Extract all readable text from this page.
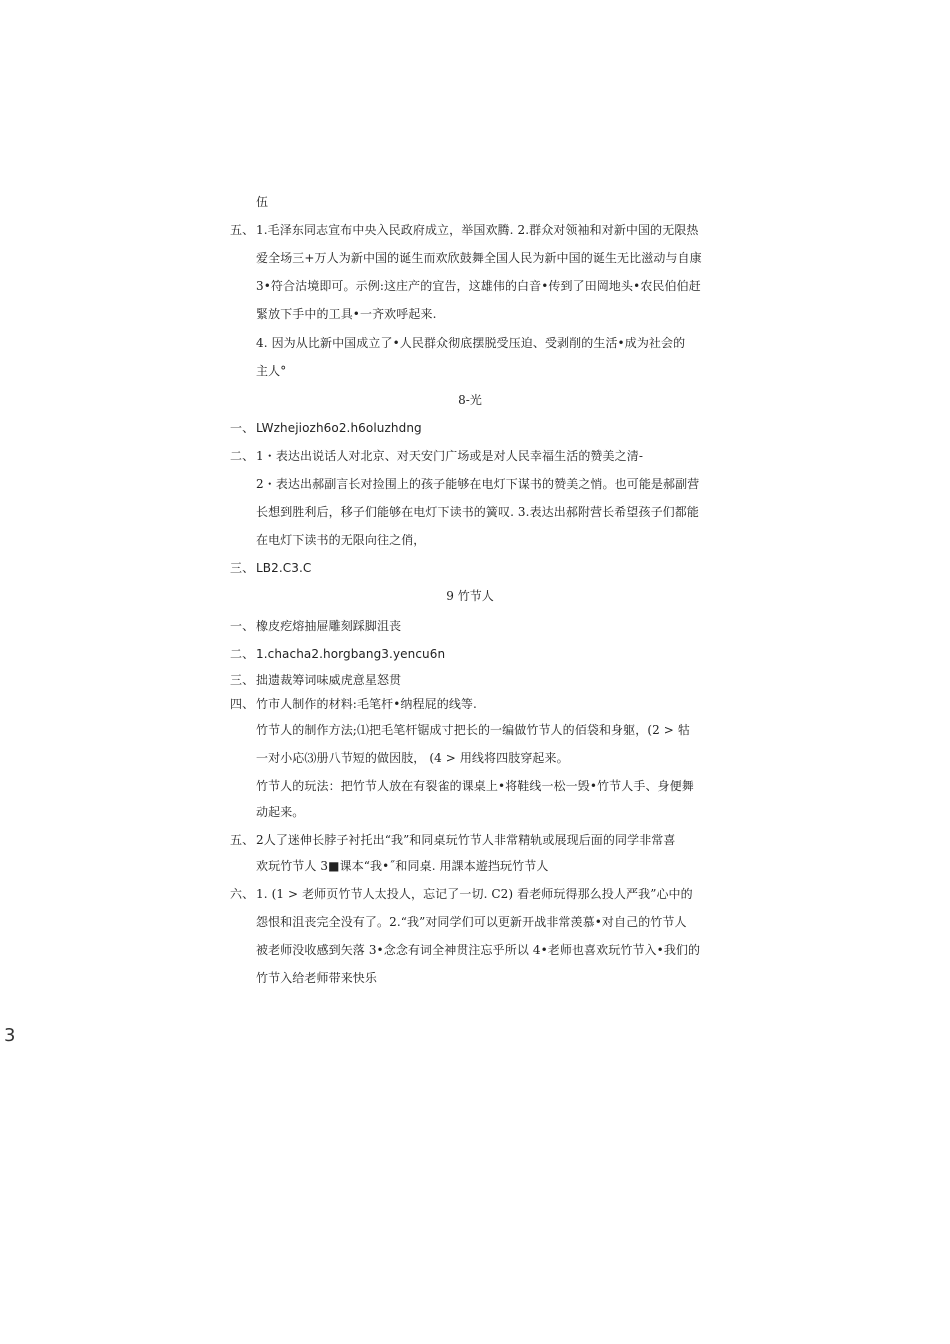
伍
五、 1.毛泽东同志宣布中央入民政府成立，举国欢腾. 2.群众对领袖和对新中国的无限热
爱全场三+万人为新中国的诞生而欢欣鼓舞全国人民为新中国的诞生无比滋动与自康
3•符合沽境即可。示例:这庄产的宜告，这雄伟的白音•传到了田岡地头•农民伯伯赶
緊放下手中的工具•一齐欢呼起来.
4. 因为从比新中国成立了•人民群众彻底摆脱受压迫、受剥削的生活•成为社会的
主人°
8-光
一、 LWzhejiozh6o2.h6oluzhdng
二、 1・表达出说话人对北京、对天安门广场或是对人民幸福生活的赞美之清-
2・表达出郝副言长对捡围上的孩子能够在电灯下谋书的赞美之悄。也可能是郝副营
长想到胜利后，移子们能够在电灯下读书的簧叹. 3.表达出郝附营长希望孩子们都能
在电灯下读书的无限向往之俏，
三、 LB2.C3.C
9 竹节人
一、 橡皮疙熔抽屉雕刻踩脚沮丧
二、 1.chacha2.horgbang3.yencu6n
三、 拙遗裁筹词味威虎意星怒贯
四、 竹市人制作的材料:毛笔杆•纳程屁的线等.
竹节人的制作方法;⑴把毛笔杆锯成寸把长的一编做竹节人的佰袋和身躯，(2 > 牯
一对小応⑶册八节短的做因肢， (4 > 用线将四肢穿起来。
竹节人的玩法：把竹节人放在有裂雀的课桌上•将鞋线一松一毁•竹节人手、身便舞
动起来。
五、 2人了迷伸长脖子衬托出“我”和同桌玩竹节人非常精轨或展现后面的同学非常喜
欢玩竹节人 3■课本“我•˝和同桌. 用課本遊挡玩竹节人
六、 1. (1 > 老师页竹节人太投人，忘记了一切. C2) 看老师玩得那么投人严我”心中的
怨恨和沮丧完全没有了。2.“我”对同学们可以更新开战非常羡慕•对自己的竹节人
被老师没收感到矢落 3•念念有词全神贯注忘乎所以 4•老师也喜欢玩竹节入•我们的
竹节入给老师带来快乐
3
